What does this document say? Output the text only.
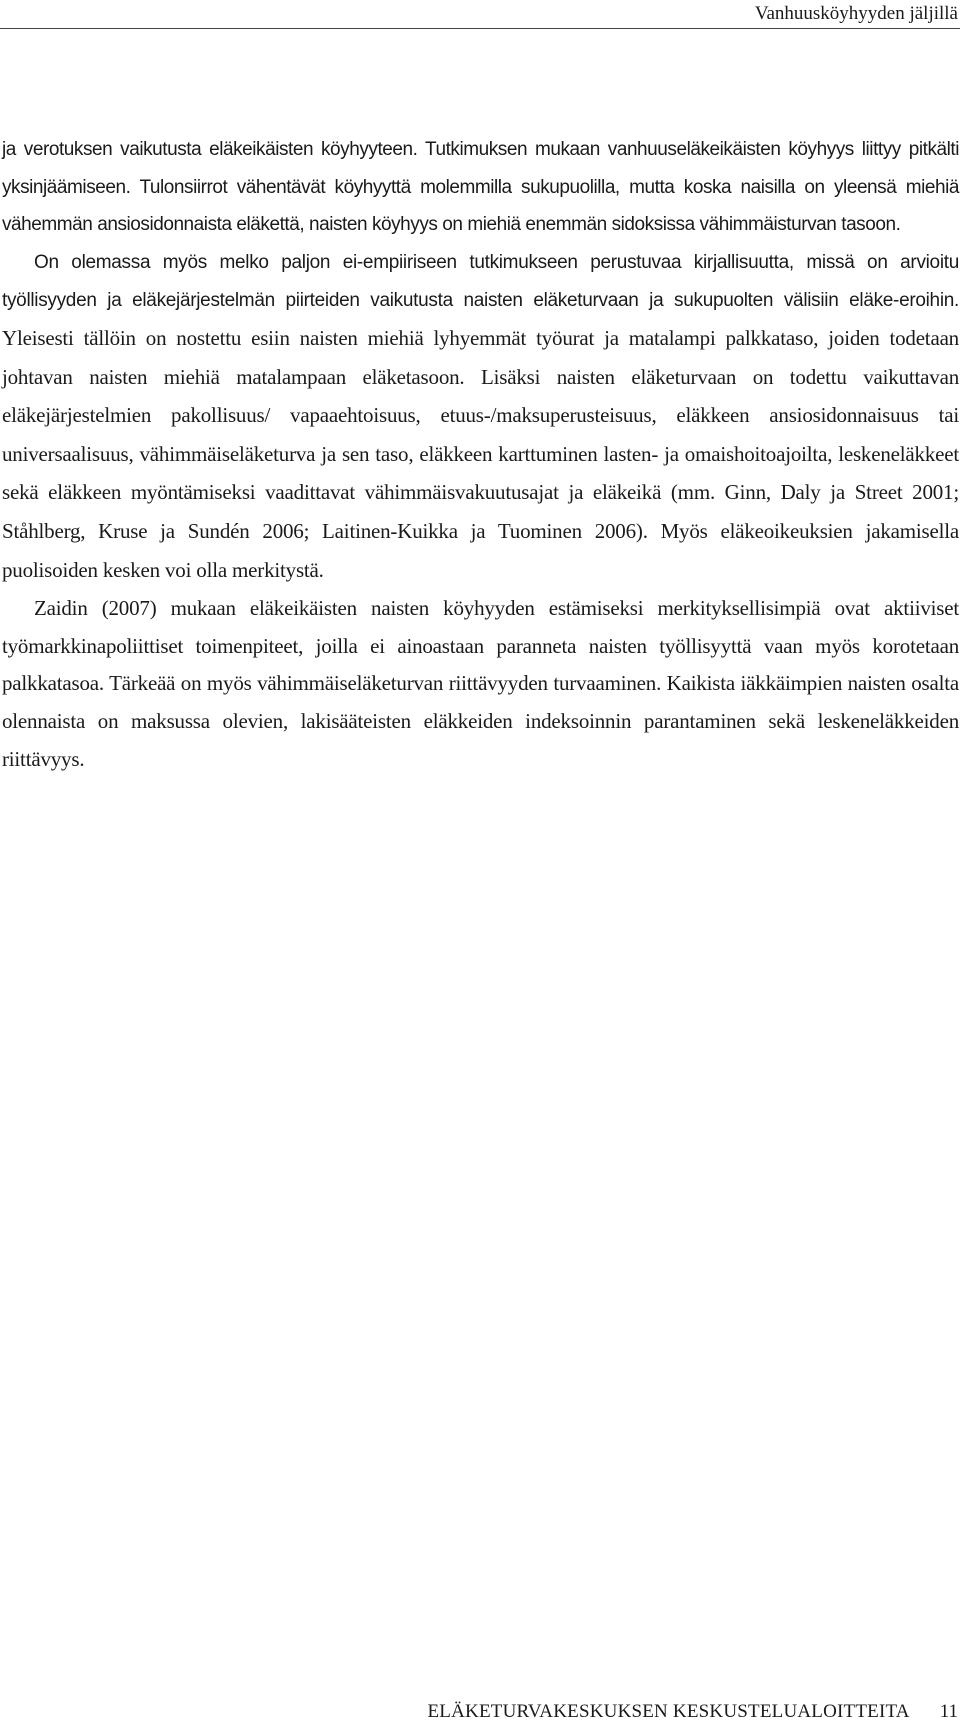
Vanhuusköyhyyden jäljillä

ja verotuksen vaikutusta eläkeikäisten köyhyyteen. Tutkimuksen mukaan vanhuuseläkeikäisten köyhyys liittyy pitkälti yksinjäämiseen. Tulonsiirrot vähentävät köyhyyttä molemmilla sukupuolilla, mutta koska naisilla on yleensä miehiä vähemmän ansiosidonnaista eläkettä, naisten köyhyys on miehiä enemmän sidoksissa vähimmäisturvan tasoon.

On olemassa myös melko paljon ei-empiiriseen tutkimukseen perustuvaa kirjallisuutta, missä on arvioitu työllisyyden ja eläkejärjestelmän piirteiden vaikutusta naisten eläketurvaan ja sukupuolten välisiin eläke-eroihin. Yleisesti tällöin on nostettu esiin naisten miehiä lyhyemmät työurat ja matalampi palkkataso, joiden todetaan johtavan naisten miehiä matalampaan eläketasoon. Lisäksi naisten eläketurvaan on todettu vaikuttavan eläkejärjestelmien pakollisuus/ vapaaehtoisuus, etuus-/maksuperusteisuus, eläkkeen ansiosidonnaisuus tai universaalisuus, vähimmäiseläketurva ja sen taso, eläkkeen karttuminen lasten- ja omaishoitoajoilta, leskeneläkkeet sekä eläkkeen myöntämiseksi vaadittavat vähimmäisvakuutusajat ja eläkeikä (mm. Ginn, Daly ja Street 2001; Ståhlberg, Kruse ja Sundén 2006; Laitinen-Kuikka ja Tuominen 2006). Myös eläkeoikeuksien jakamisella puolisoiden kesken voi olla merkitystä.

Zaidin (2007) mukaan eläkeikäisten naisten köyhyyden estämiseksi merkityksellisimpiä ovat aktiiviset työmarkkinapoliittiset toimenpiteet, joilla ei ainoastaan paranneta naisten työllisyyttä vaan myös korotetaan palkkatasoa. Tärkeää on myös vähimmäiseläketurvan riittävyyden turvaaminen. Kaikista iäkkäimpien naisten osalta olennaista on maksussa olevien, lakisääteisten eläkkeiden indeksoinnin parantaminen sekä leskeneläkkeiden riittävyys.

ELÄKETURVAKESKUKSEN KESKUSTELUALOITTEITA 11
